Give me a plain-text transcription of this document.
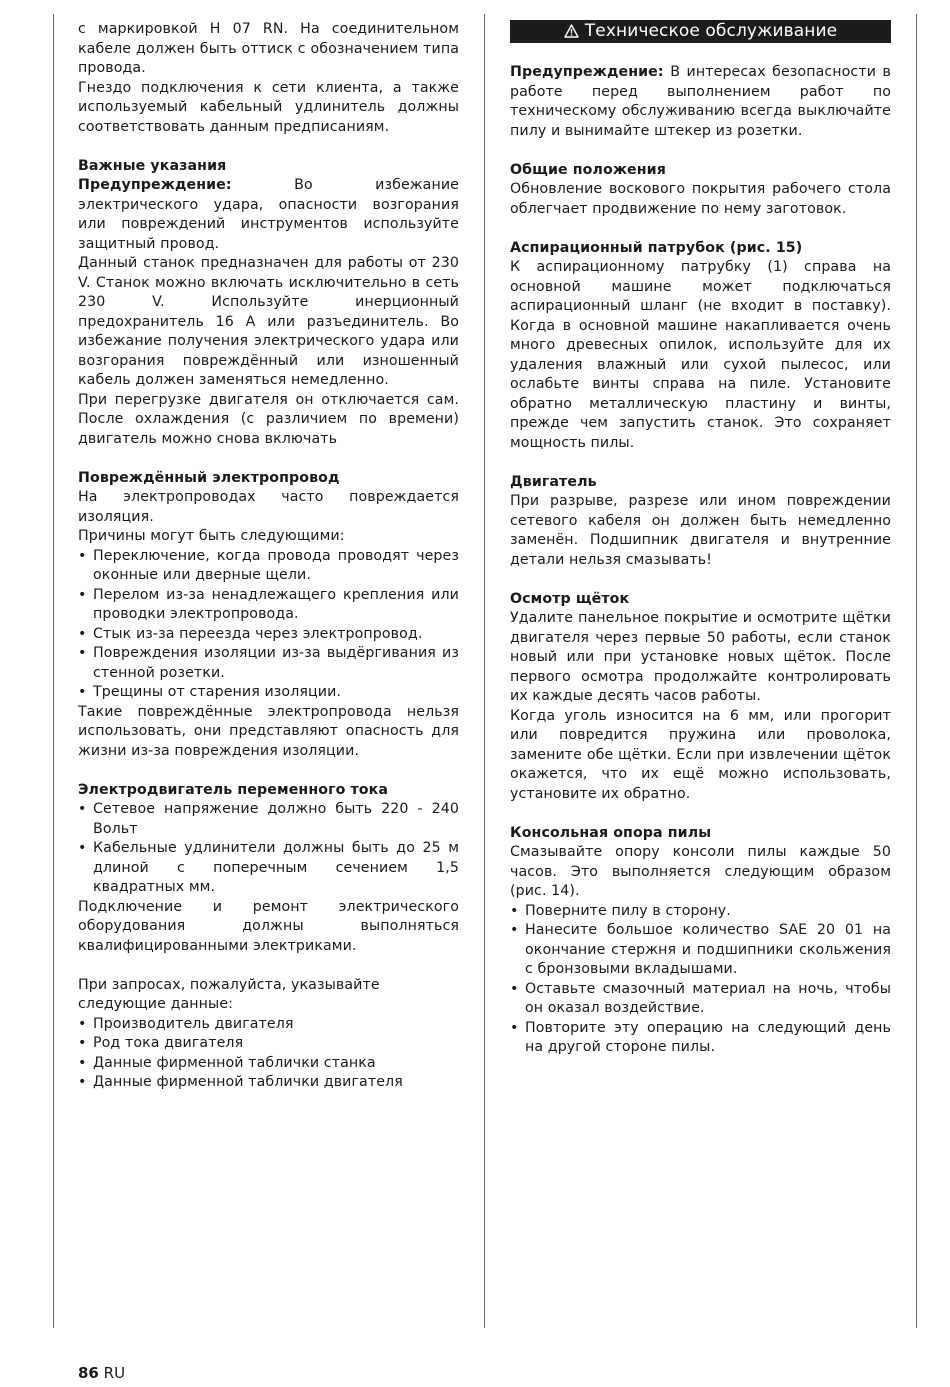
с маркировкой H 07 RN. На соединительном кабеле должен быть оттиск с обозначением типа провода.

Гнездо подключения к сети клиента, а также используемый кабельный удлинитель должны соответствовать данным предписаниям.

Важные указания

Предупреждение: Во избежание электрического удара, опасности возгорания или повреждений инструментов используйте защитный провод.

Данный станок предназначен для работы от 230 V. Станок можно включать исключительно в сеть 230 V. Используйте инерционный предохранитель 16 А или разъединитель. Во избежание получения электрического удара или возгорания повреждённый или изношенный кабель должен заменяться немедленно.

При перегрузке двигателя он отключается сам. После охлаждения (с различием по времени) двигатель можно снова включать

Повреждённый электропровод

На электропроводах часто повреждается изоляция.

Причины могут быть следующими:

• Переключение, когда провода проводят через оконные или дверные щели.
• Перелом из-за ненадлежащего крепления или проводки электропровода.
• Стык из-за переезда через электропровод.
• Повреждения изоляции из-за выдёргивания из стенной розетки.
• Трещины от старения изоляции.

Такие повреждённые электропровода нельзя использовать, они представляют опасность для жизни из-за повреждения изоляции.

Электродвигатель переменного тока
• Сетевое напряжение должно быть 220 - 240 Вольт
• Кабельные удлинители должны быть до 25 м длиной с поперечным сечением 1,5 квадратных мм.

Подключение и ремонт электрического оборудования должны выполняться квалифицированными электриками.

При запросах, пожалуйста, указывайте следующие данные:

• Производитель двигателя
• Род тока двигателя
• Данные фирменной таблички станка
• Данные фирменной таблички двигателя
Техническое обслуживание

Предупреждение: В интересах безопасности в работе перед выполнением работ по техническому обслуживанию всегда выключайте пилу и вынимайте штекер из розетки.

Общие положения

Обновление воскового покрытия рабочего стола облегчает продвижение по нему заготовок.

Аспирационный патрубок (рис. 15)

К аспирационному патрубку (1) справа на основной машине может подключаться аспирационный шланг (не входит в поставку). Когда в основной машине накапливается очень много древесных опилок, используйте для их удаления влажный или сухой пылесос, или ослабьте винты справа на пиле. Установите обратно металлическую пластину и винты, прежде чем запустить станок. Это сохраняет мощность пилы.

Двигатель

При разрыве, разрезе или ином повреждении сетевого кабеля он должен быть немедленно заменён. Подшипник двигателя и внутренние детали нельзя смазывать!

Осмотр щёток

Удалите панельное покрытие и осмотрите щётки двигателя через первые 50 работы, если станок новый или при установке новых щёток. После первого осмотра продолжайте контролировать их каждые десять часов работы.

Когда уголь износится на 6 мм, или прогорит или повредится пружина или проволока, замените обе щётки. Если при извлечении щёток окажется, что их ещё можно использовать, установите их обратно.

Консольная опора пилы

Смазывайте опору консоли пилы каждые 50 часов. Это выполняется следующим образом (рис. 14).

• Поверните пилу в сторону.
• Нанесите большое количество SAE 20 01 на окончание стержня и подшипники скольжения с бронзовыми вкладышами.
• Оставьте смазочный материал на ночь, чтобы он оказал воздействие.
• Повторите эту операцию на следующий день на другой стороне пилы.
86 RU
